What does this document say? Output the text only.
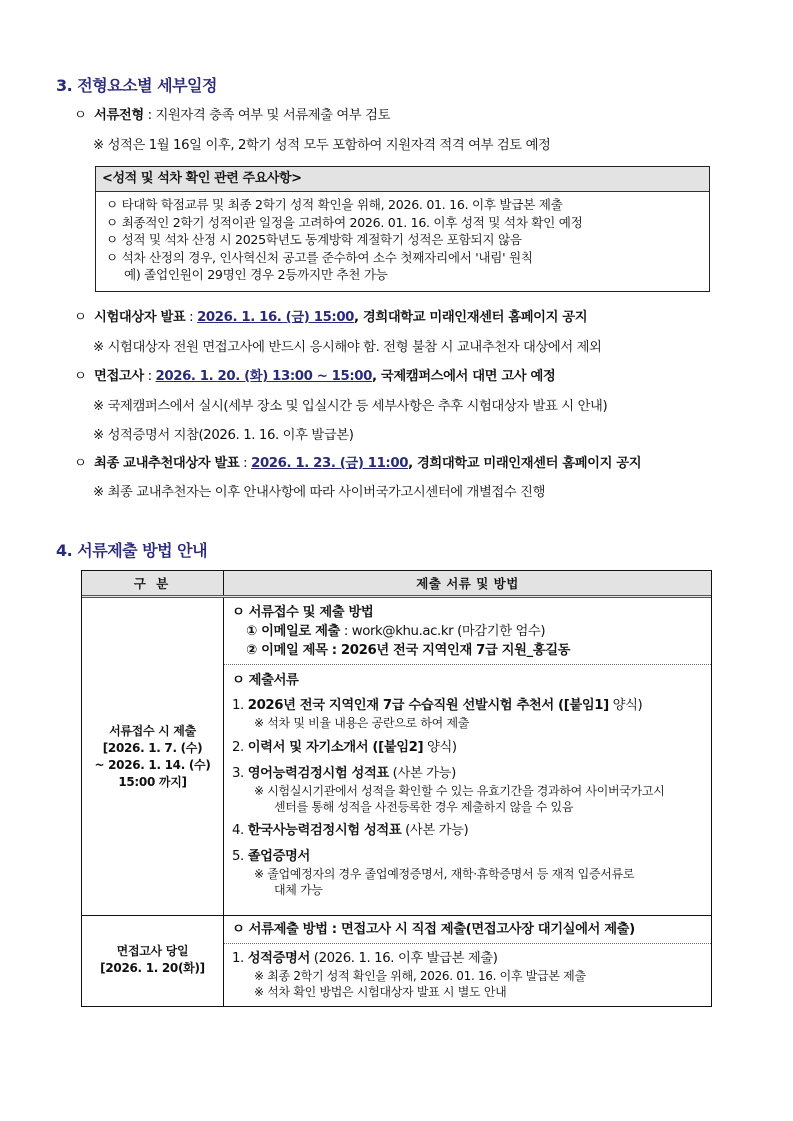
3. 전형요소별 세부일정
ㅇ 서류전형 : 지원자격 충족 여부 및 서류제출 여부 검토
※ 성적은 1월 16일 이후, 2학기 성적 모두 포함하여 지원자격 적격 여부 검토 예정
<성적 및 석차 확인 관련 주요사항>
ㅇ 타대학 학점교류 및 최종 2학기 성적 확인을 위해, 2026. 01. 16. 이후 발급본 제출
ㅇ 최종적인 2학기 성적이관 일정을 고려하여 2026. 01. 16. 이후 성적 및 석차 확인 예정
ㅇ 성적 및 석차 산정 시 2025학년도 동계방학 계절학기 성적은 포함되지 않음
ㅇ 석차 산정의 경우, 인사혁신처 공고를 준수하여 소수 첫째자리에서 '내림' 원칙
예) 졸업인원이 29명인 경우 2등까지만 추천 가능
ㅇ 시험대상자 발표 : 2026. 1. 16. (금) 15:00, 경희대학교 미래인재센터 홈페이지 공지
※ 시험대상자 전원 면접고사에 반드시 응시해야 함. 전형 불참 시 교내추천자 대상에서 제외
ㅇ 면접고사 : 2026. 1. 20. (화) 13:00 ~ 15:00, 국제캠퍼스에서 대면 고사 예정
※ 국제캠퍼스에서 실시(세부 장소 및 입실시간 등 세부사항은 추후 시험대상자 발표 시 안내)
※ 성적증명서 지참(2026. 1. 16. 이후 발급본)
ㅇ 최종 교내추천대상자 발표 : 2026. 1. 23. (금) 11:00, 경희대학교 미래인재센터 홈페이지 공지
※ 최종 교내추천자는 이후 안내사항에 따라 사이버국가고시센터에 개별접수 진행
4. 서류제출 방법 안내
구 분	제출 서류 및 방법
서류접수 시 제출
[2026. 1. 7. (수)
~ 2026. 1. 14. (수)
15:00 까지]
ㅇ 서류접수 및 제출 방법
① 이메일로 제출 : work@khu.ac.kr (마감기한 엄수)
② 이메일 제목 : 2026년 전국 지역인재 7급 지원_홍길동
ㅇ 제출서류
1. 2026년 전국 지역인재 7급 수습직원 선발시험 추천서 ([붙임1] 양식)
※ 석차 및 비율 내용은 공란으로 하여 제출
2. 이력서 및 자기소개서 ([붙임2] 양식)
3. 영어능력검정시험 성적표 (사본 가능)
※ 시험실시기관에서 성적을 확인할 수 있는 유효기간을 경과하여 사이버국가고시
센터를 통해 성적을 사전등록한 경우 제출하지 않을 수 있음
4. 한국사능력검정시험 성적표 (사본 가능)
5. 졸업증명서
※ 졸업예정자의 경우 졸업예정증명서, 재학·휴학증명서 등 재적 입증서류로
대체 가능
면접고사 당일
[2026. 1. 20(화)]
ㅇ 서류제출 방법 : 면접고사 시 직접 제출(면접고사장 대기실에서 제출)
1. 성적증명서 (2026. 1. 16. 이후 발급본 제출)
※ 최종 2학기 성적 확인을 위해, 2026. 01. 16. 이후 발급본 제출
※ 석차 확인 방법은 시험대상자 발표 시 별도 안내
